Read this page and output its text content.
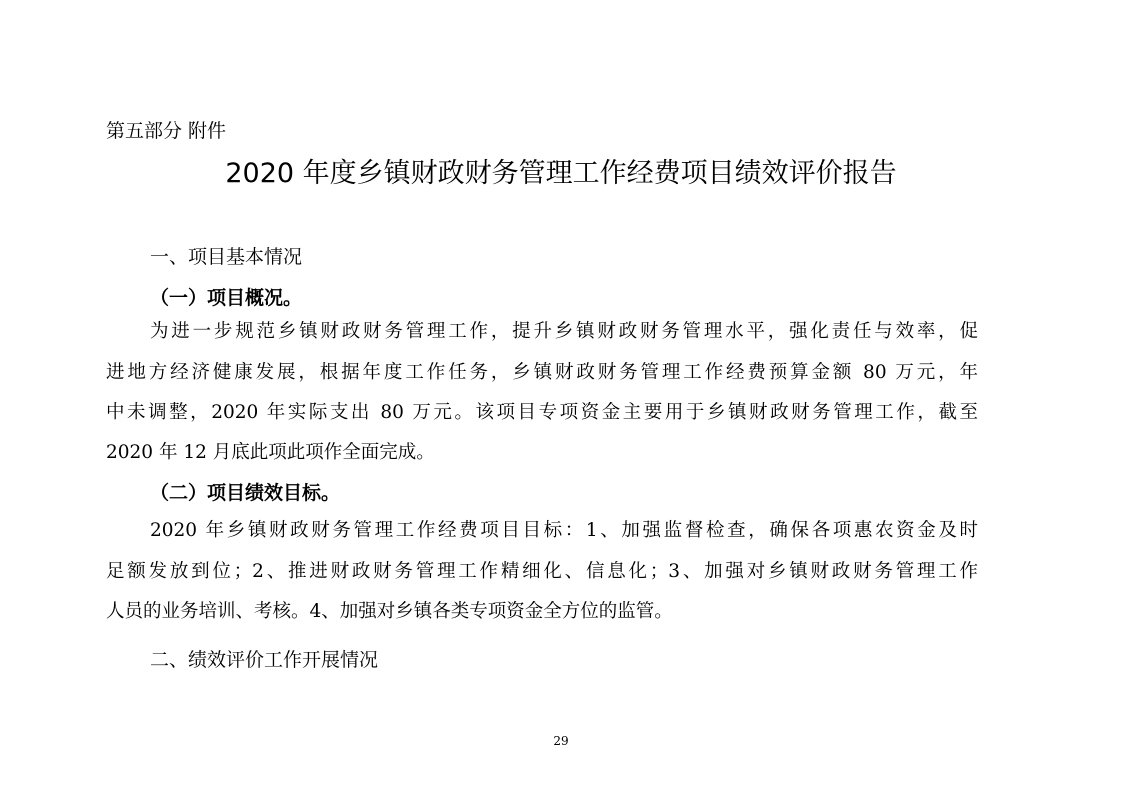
第五部分 附件
2020 年度乡镇财政财务管理工作经费项目绩效评价报告
一、项目基本情况
（一）项目概况。
为进一步规范乡镇财政财务管理工作，提升乡镇财政财务管理水平，强化责任与效率，促
进地方经济健康发展，根据年度工作任务，乡镇财政财务管理工作经费预算金额 80 万元，年
中未调整，2020 年实际支出 80 万元。该项目专项资金主要用于乡镇财政财务管理工作，截至
2020 年 12 月底此项此项作全面完成。
（二）项目绩效目标。
2020 年乡镇财政财务管理工作经费项目目标：1、加强监督检查，确保各项惠农资金及时
足额发放到位；2、推进财政财务管理工作精细化、信息化；3、加强对乡镇财政财务管理工作
人员的业务培训、考核。4、加强对乡镇各类专项资金全方位的监管。
二、绩效评价工作开展情况
29
